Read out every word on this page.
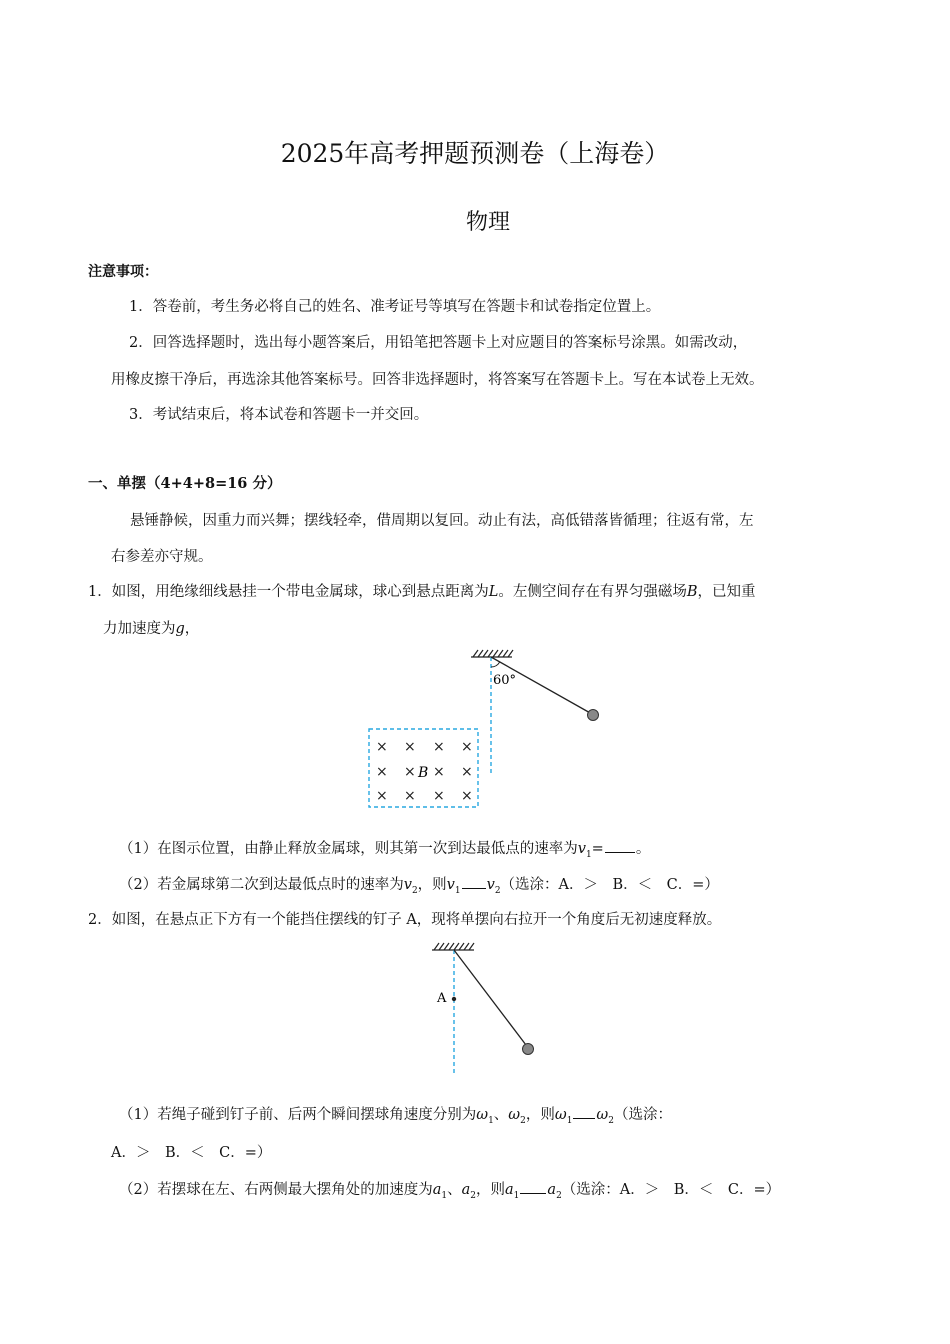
2025年高考押题预测卷（上海卷）
物理
注意事项：
1．答卷前，考生务必将自己的姓名、准考证号等填写在答题卡和试卷指定位置上。
2．回答选择题时，选出每小题答案后，用铅笔把答题卡上对应题目的答案标号涂黑。如需改动，
用橡皮擦干净后，再选涂其他答案标号。回答非选择题时，将答案写在答题卡上。写在本试卷上无效。
3．考试结束后，将本试卷和答题卡一并交回。
一、单摆（4+4+8=16 分）
悬锤静候，因重力而兴舞；摆线轻牵，借周期以复回。动止有法，高低错落皆循理；往返有常，左
右参差亦守规。
1．如图，用绝缘细线悬挂一个带电金属球，球心到悬点距离为L。左侧空间存在有界匀强磁场B，已知重
力加速度为g，
60°
× × × ×
× × × ×
× × × ×
B
（1）在图示位置，由静止释放金属球，则其第一次到达最低点的速率为$v_1=$ 。
（2）若金属球第二次到达最低点时的速率为$v_2$，则$v_1$ $v_2$（选涂：A．＞　B．＜　C．=）
2．如图，在悬点正下方有一个能挡住摆线的钉子 A，现将单摆向右拉开一个角度后无初速度释放。
A
（1）若绳子碰到钉子前、后两个瞬间摆球角速度分别为$\omega_1$、$\omega_2$，则$\omega_1$ $\omega_2$（选涂：
A．＞　B．＜　C．=）
（2）若摆球在左、右两侧最大摆角处的加速度为$a_1$、$a_2$，则$a_1$ $a_2$（选涂：A．＞　B．＜　C．=）
